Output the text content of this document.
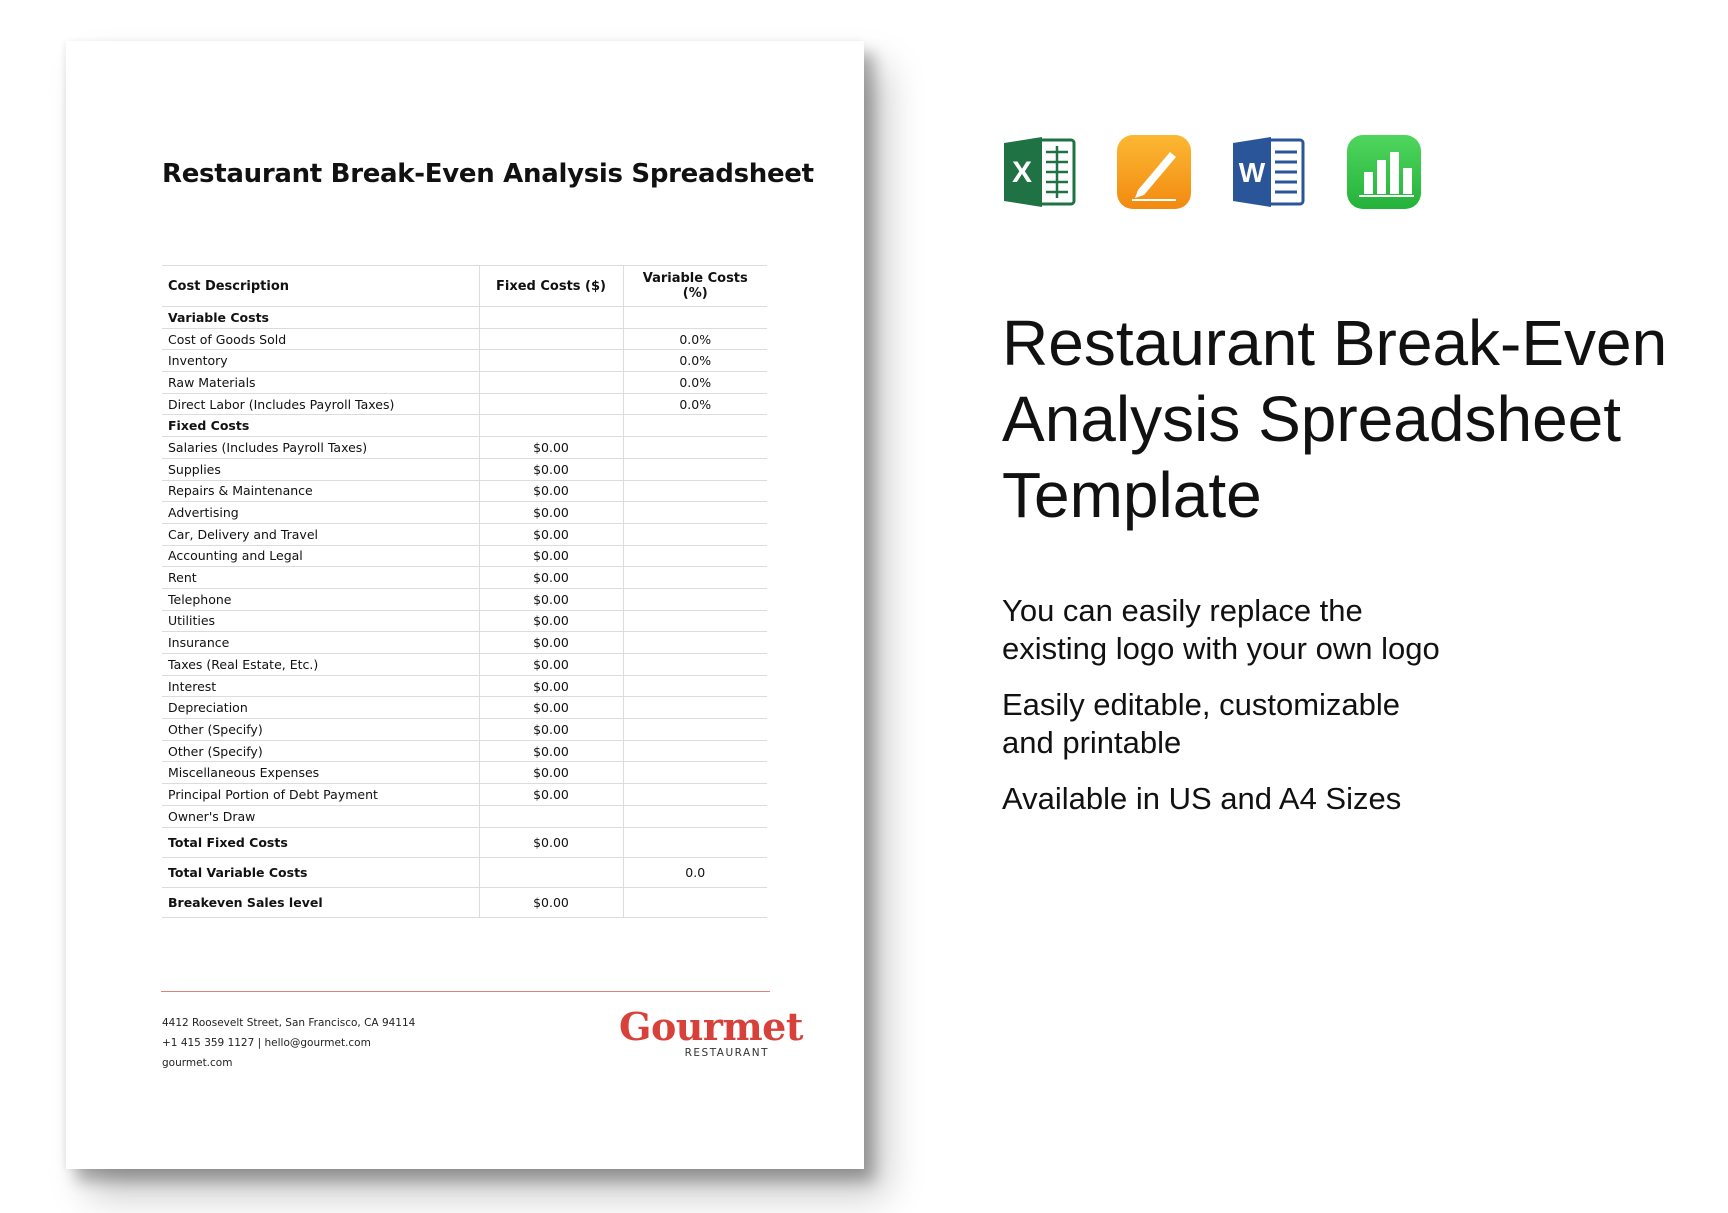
Restaurant Break-Even Analysis Spreadsheet
Cost Description	Fixed Costs ($)	Variable Costs (%)
Variable Costs		
Cost of Goods Sold		0.0%
Inventory		0.0%
Raw Materials		0.0%
Direct Labor (Includes Payroll Taxes)		0.0%
Fixed Costs		
Salaries (Includes Payroll Taxes)	$0.00	
Supplies	$0.00	
Repairs & Maintenance	$0.00	
Advertising	$0.00	
Car, Delivery and Travel	$0.00	
Accounting and Legal	$0.00	
Rent	$0.00	
Telephone	$0.00	
Utilities	$0.00	
Insurance	$0.00	
Taxes (Real Estate, Etc.)	$0.00	
Interest	$0.00	
Depreciation	$0.00	
Other (Specify)	$0.00	
Other (Specify)	$0.00	
Miscellaneous Expenses	$0.00	
Principal Portion of Debt Payment	$0.00	
Owner's Draw		
Total Fixed Costs	$0.00	
Total Variable Costs		0.0
Breakeven Sales level	$0.00	
4412 Roosevelt Street, San Francisco, CA 94114
+1 415 359 1127 | hello@gourmet.com
gourmet.com
Gourmet
RESTAURANT
X	W
Restaurant Break-Even
Analysis Spreadsheet
Template
You can easily replace the
existing logo with your own logo
Easily editable, customizable
and printable
Available in US and A4 Sizes
